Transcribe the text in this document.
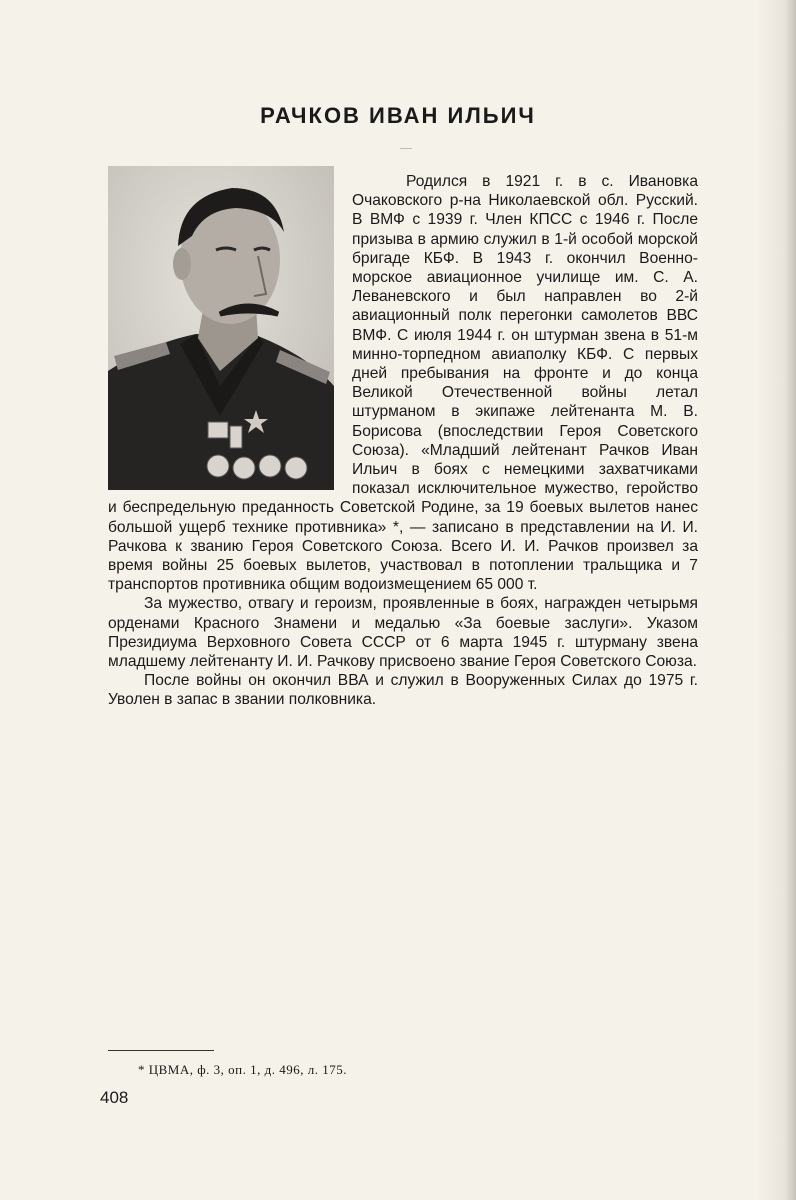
РАЧКОВ ИВАН ИЛЬИЧ

Родился в 1921 г. в с. Ивановка Очаковского р-на Николаевской обл. Русский. В ВМФ с 1939 г. Член КПСС с 1946 г. После призыва в армию служил в 1-й особой морской бригаде КБФ. В 1943 г. окончил Военно-морское авиационное училище им. С. А. Леваневского и был направлен во 2-й авиационный полк перегонки самолетов ВВС ВМФ. С июля 1944 г. он штурман звена в 51-м минно-торпедном авиаполку КБФ. С первых дней пребывания на фронте и до конца Великой Отечественной войны летал штурманом в экипаже лейтенанта М. В. Борисова (впоследствии Героя Советского Союза). «Младший лейтенант Рачков Иван Ильич в боях с немецкими захватчиками показал исключительное мужество, геройство и беспредельную преданность Советской Родине, за 19 боевых вылетов нанес большой ущерб технике противника» *, — записано в представлении на И. И. Рачкова к званию Героя Советского Союза. Всего И. И. Рачков произвел за время войны 25 боевых вылетов, участвовал в потоплении тральщика и 7 транспортов противника общим водоизмещением 65 000 т.

За мужество, отвагу и героизм, проявленные в боях, награжден четырьмя орденами Красного Знамени и медалью «За боевые заслуги». Указом Президиума Верховного Совета СССР от 6 марта 1945 г. штурману звена младшему лейтенанту И. И. Рачкову присвоено звание Героя Советского Союза.

После войны он окончил ВВА и служил в Вооруженных Силах до 1975 г. Уволен в запас в звании полковника.

* ЦВМА, ф. 3, оп. 1, д. 496, л. 175.
408
